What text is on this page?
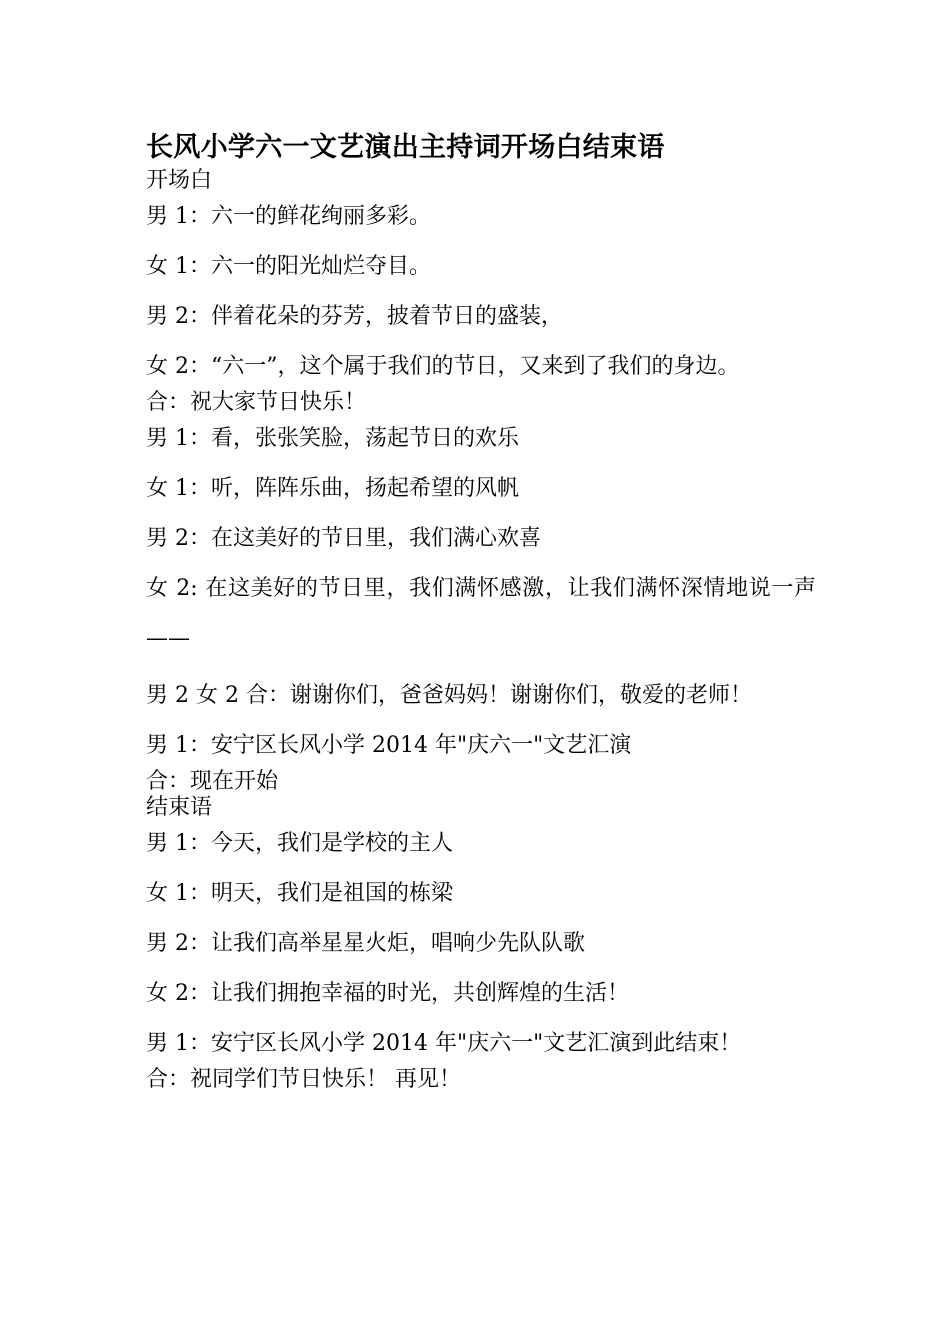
长风小学六一文艺演出主持词开场白结束语

开场白

男 1：六一的鲜花绚丽多彩。

女 1：六一的阳光灿烂夺目。

男 2：伴着花朵的芬芳，披着节日的盛装，

女 2：“六一”，这个属于我们的节日，又来到了我们的身边。

合：祝大家节日快乐！

男 1：看，张张笑脸，荡起节日的欢乐

女 1：听，阵阵乐曲，扬起希望的风帆

男 2：在这美好的节日里，我们满心欢喜

女 2: 在这美好的节日里，我们满怀感激，让我们满怀深情地说一声——

男 2 女 2 合：谢谢你们，爸爸妈妈！谢谢你们，敬爱的老师！

男 1：安宁区长风小学 2014 年"庆六一"文艺汇演

合：现在开始

结束语

男 1：今天，我们是学校的主人

女 1：明天，我们是祖国的栋梁

男 2：让我们高举星星火炬，唱响少先队队歌

女 2：让我们拥抱幸福的时光，共创辉煌的生活！

男 1：安宁区长风小学 2014 年"庆六一"文艺汇演到此结束！

合：祝同学们节日快乐！ 再见！
